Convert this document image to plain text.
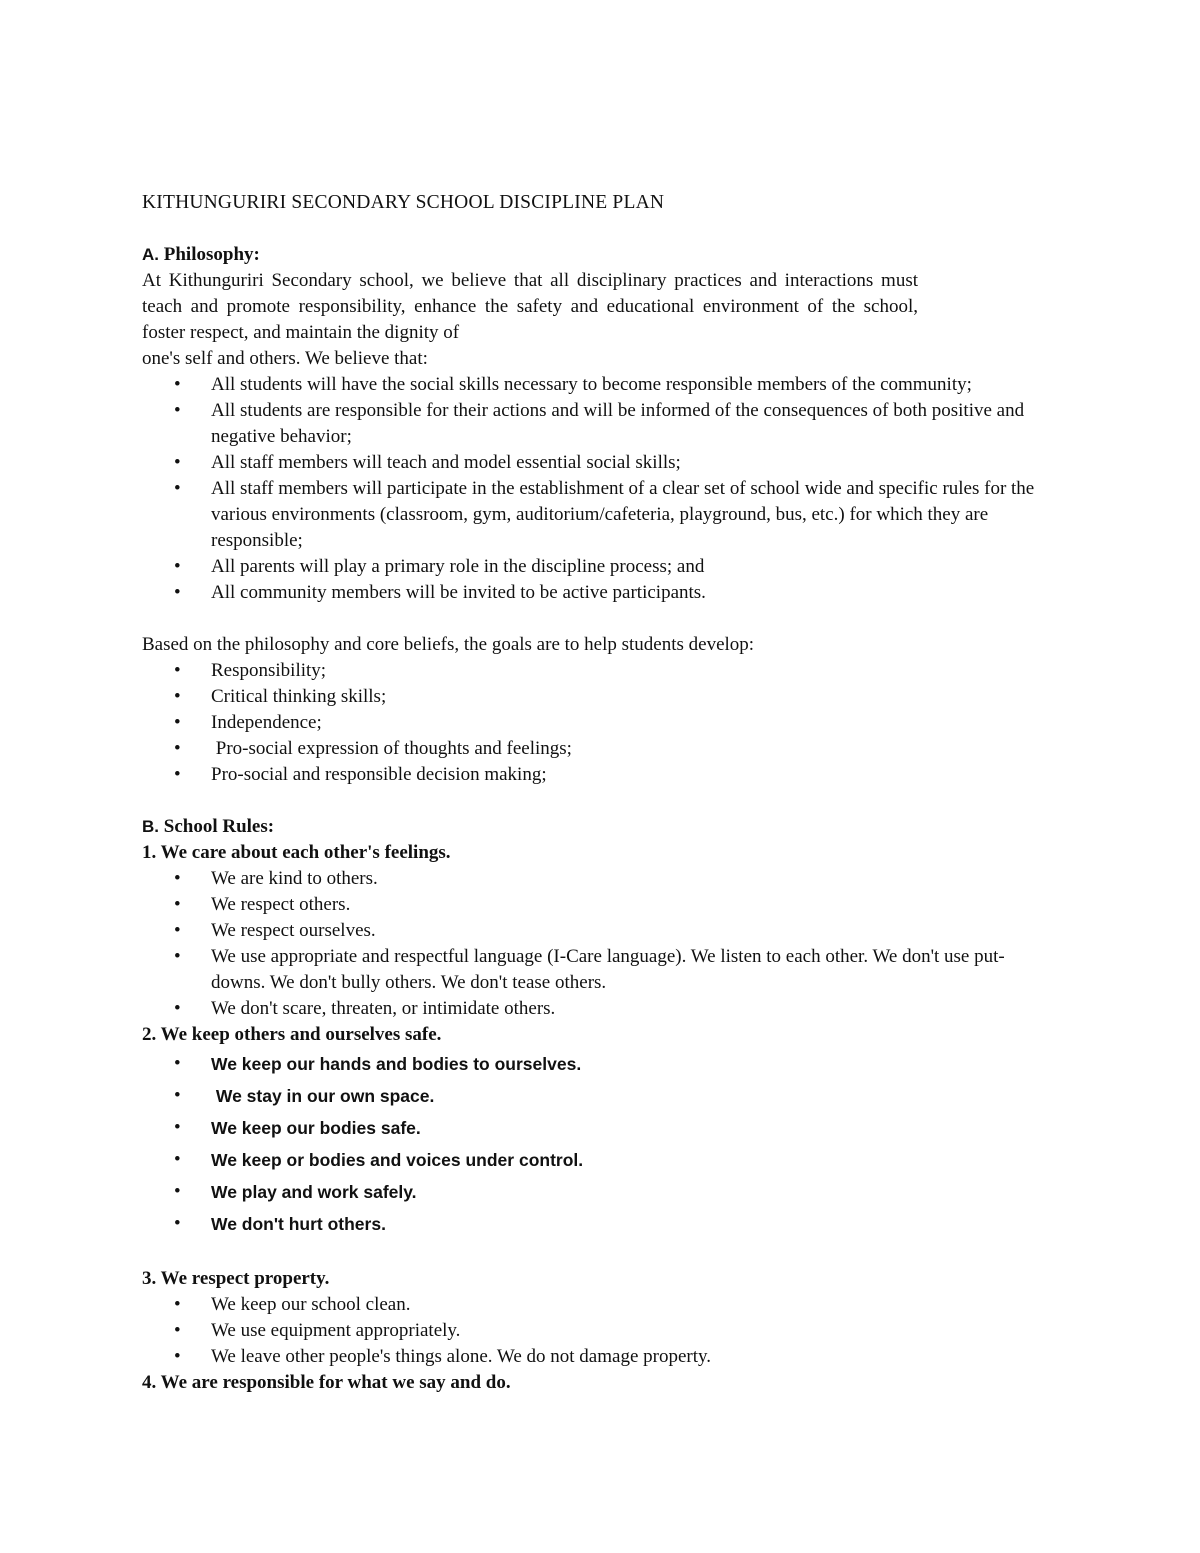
KITHUNGURIRI SECONDARY SCHOOL DISCIPLINE PLAN

A. Philosophy:

At Kithunguriri Secondary school, we believe that all disciplinary practices and interactions must teach and promote responsibility, enhance the safety and educational environment of the school, foster respect, and maintain the dignity of

one's self and others. We believe that:

• All students will have the social skills necessary to become responsible members of the community;
• All students are responsible for their actions and will be informed of the consequences of both positive and negative behavior;
• All staff members will teach and model essential social skills;
• All staff members will participate in the establishment of a clear set of school wide and specific rules for the various environments (classroom, gym, auditorium/cafeteria, playground, bus, etc.) for which they are responsible;
• All parents will play a primary role in the discipline process; and
• All community members will be invited to be active participants.

Based on the philosophy and core beliefs, the goals are to help students develop:

• Responsibility;
• Critical thinking skills;
• Independence;
• Pro-social expression of thoughts and feelings;
• Pro-social and responsible decision making;

B. School Rules:

1. We care about each other's feelings.

• We are kind to others.
• We respect others.
• We respect ourselves.
• We use appropriate and respectful language (I-Care language). We listen to each other. We don't use put-downs. We don't bully others. We don't tease others.
• We don't scare, threaten, or intimidate others.

2. We keep others and ourselves safe.

• We keep our hands and bodies to ourselves.
• We stay in our own space.
• We keep our bodies safe.
• We keep or bodies and voices under control.
• We play and work safely.
• We don't hurt others.

3. We respect property.

• We keep our school clean.
• We use equipment appropriately.
• We leave other people's things alone. We do not damage property.

4. We are responsible for what we say and do.
